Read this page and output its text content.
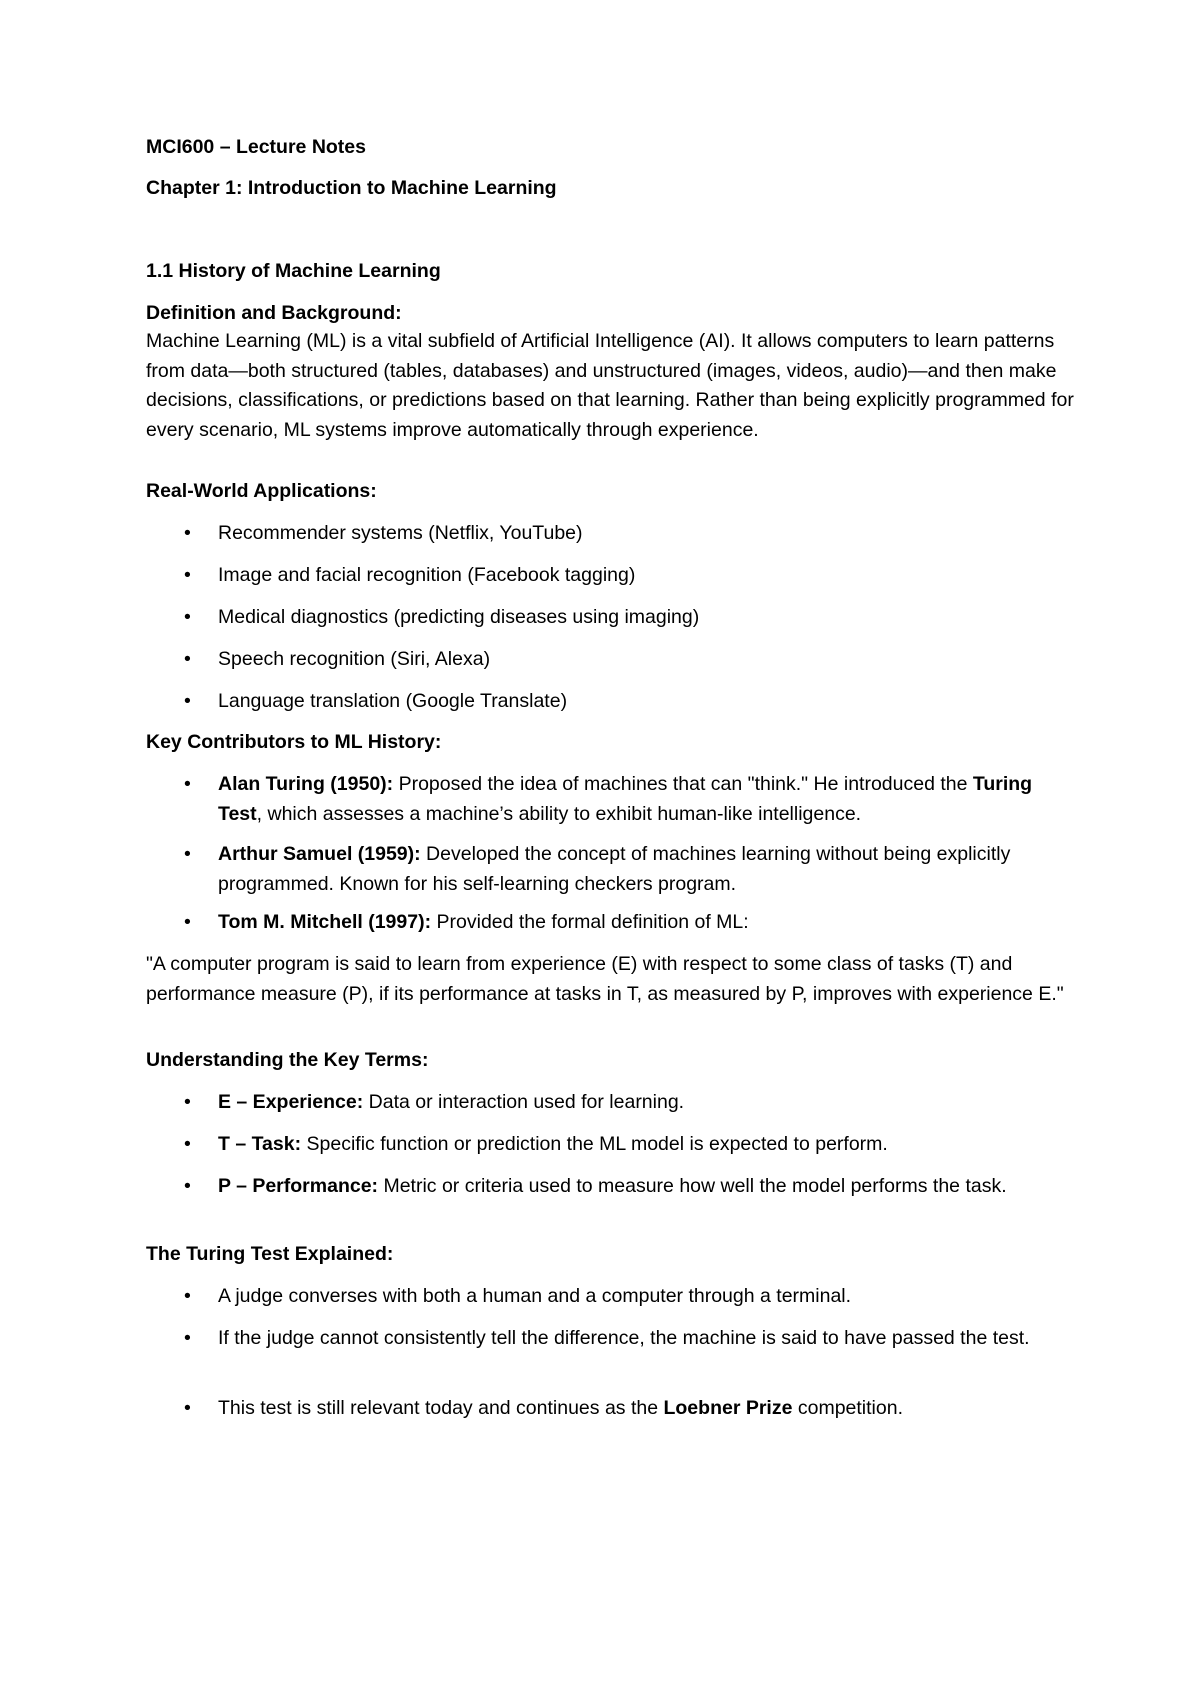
MCI600 – Lecture Notes

Chapter 1: Introduction to Machine Learning

1.1 History of Machine Learning

Definition and Background:

Machine Learning (ML) is a vital subfield of Artificial Intelligence (AI). It allows computers to learn patterns from data—both structured (tables, databases) and unstructured (images, videos, audio)—and then make decisions, classifications, or predictions based on that learning. Rather than being explicitly programmed for every scenario, ML systems improve automatically through experience.

Real-World Applications:

• Recommender systems (Netflix, YouTube)
• Image and facial recognition (Facebook tagging)
• Medical diagnostics (predicting diseases using imaging)
• Speech recognition (Siri, Alexa)
• Language translation (Google Translate)

Key Contributors to ML History:

• Alan Turing (1950): Proposed the idea of machines that can "think." He introduced the Turing Test, which assesses a machine’s ability to exhibit human-like intelligence.
• Arthur Samuel (1959): Developed the concept of machines learning without being explicitly programmed. Known for his self-learning checkers program.
• Tom M. Mitchell (1997): Provided the formal definition of ML:

"A computer program is said to learn from experience (E) with respect to some class of tasks (T) and performance measure (P), if its performance at tasks in T, as measured by P, improves with experience E."

Understanding the Key Terms:

• E – Experience: Data or interaction used for learning.
• T – Task: Specific function or prediction the ML model is expected to perform.
• P – Performance: Metric or criteria used to measure how well the model performs the task.

The Turing Test Explained:

• A judge converses with both a human and a computer through a terminal.
• If the judge cannot consistently tell the difference, the machine is said to have passed the test.
• This test is still relevant today and continues as the Loebner Prize competition.
